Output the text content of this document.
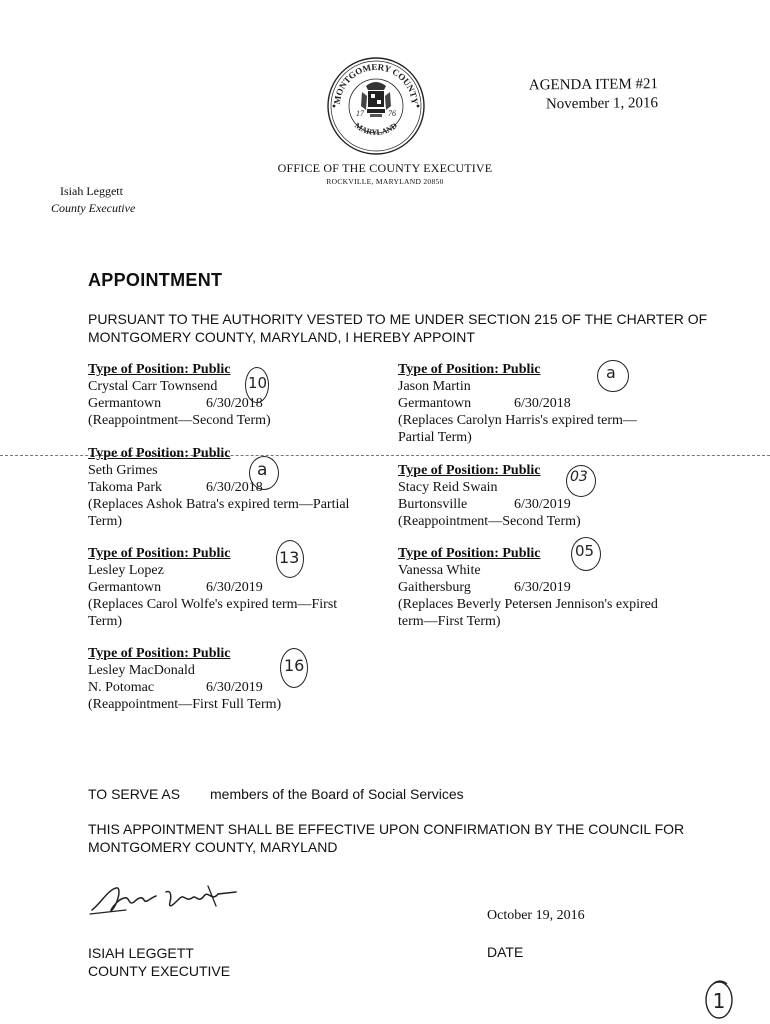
MONTGOMERY COUNTY
MARYLAND
17	76
AGENDA ITEM #21
November 1, 2016
OFFICE OF THE COUNTY EXECUTIVE
ROCKVILLE, MARYLAND 20850
Isiah Leggett
County Executive
APPOINTMENT
PURSUANT TO THE AUTHORITY VESTED TO ME UNDER SECTION 215 OF THE CHARTER OF MONTGOMERY COUNTY, MARYLAND, I HEREBY APPOINT
Type of Position: Public
Crystal Carr Townsend
Germantown	6/30/2018
(Reappointment—Second Term)
Type of Position: Public
Jason Martin
Germantown	6/30/2018
(Replaces Carolyn Harris's expired term—Partial Term)
Type of Position: Public
Seth Grimes
Takoma Park	6/30/2018
(Replaces Ashok Batra's expired term—Partial Term)
Type of Position: Public
Stacy Reid Swain
Burtonsville	6/30/2019
(Reappointment—Second Term)
Type of Position: Public
Lesley Lopez
Germantown	6/30/2019
(Replaces Carol Wolfe's expired term—First Term)
Type of Position: Public
Vanessa White
Gaithersburg	6/30/2019
(Replaces Beverly Petersen Jennison's expired term—First Term)
Type of Position: Public
Lesley MacDonald
N. Potomac	6/30/2019
(Reappointment—First Full Term)
10
a
a	03
13	05
16
TO SERVE AS members of the Board of Social Services
THIS APPOINTMENT SHALL BE EFFECTIVE UPON CONFIRMATION BY THE COUNCIL FOR MONTGOMERY COUNTY, MARYLAND
October 19, 2016
DATE
ISIAH LEGGETT
COUNTY EXECUTIVE
1
